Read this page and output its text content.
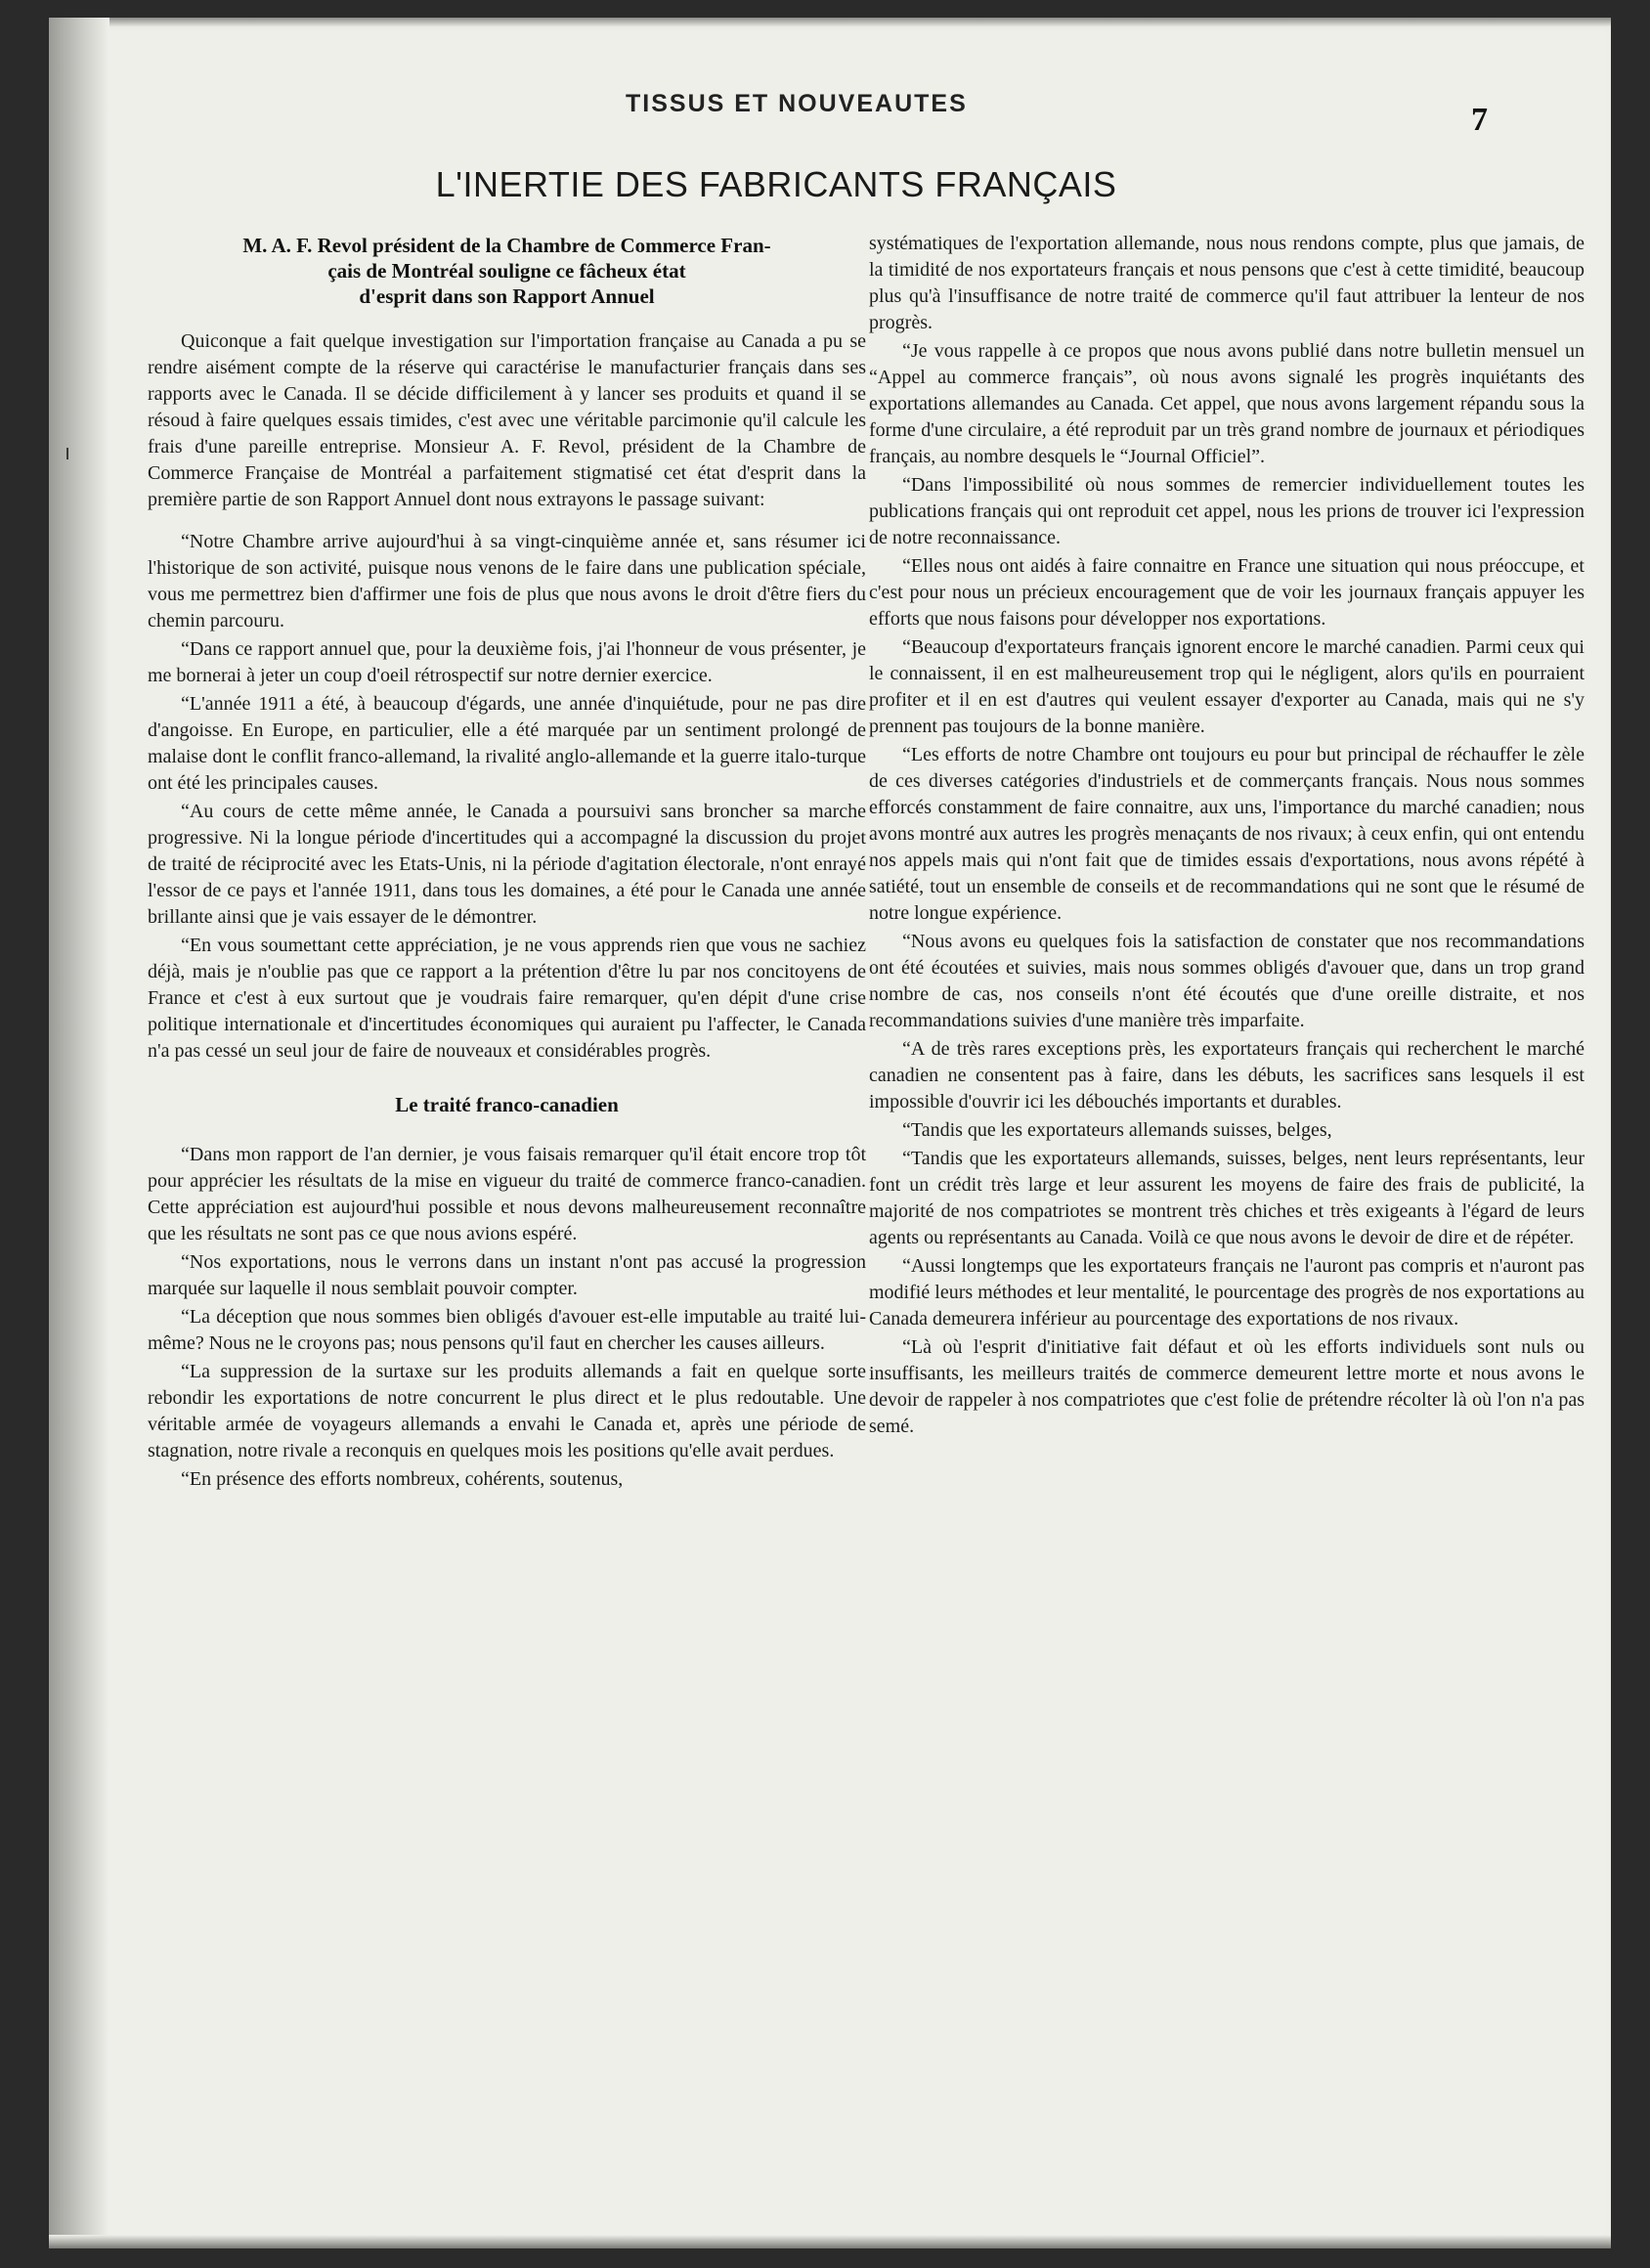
ı
TISSUS ET NOUVEAUTES	7
L'INERTIE DES FABRICANTS FRANÇAIS
M. A. F. Revol président de la Chambre de Commerce Fran-
çais de Montréal souligne ce fâcheux état
d'esprit dans son Rapport Annuel

Quiconque a fait quelque investigation sur l'importation française au Canada a pu se rendre aisément compte de la réserve qui caractérise le manufacturier français dans ses rapports avec le Canada. Il se décide difficilement à y lancer ses produits et quand il se résoud à faire quelques essais timides, c'est avec une véritable parcimonie qu'il calcule les frais d'une pareille entreprise. Monsieur A. F. Revol, président de la Chambre de Commerce Française de Montréal a parfaitement stigmatisé cet état d'esprit dans la première partie de son Rapport Annuel dont nous extrayons le passage suivant:

“Notre Chambre arrive aujourd'hui à sa vingt-cinquième année et, sans résumer ici l'historique de son activité, puisque nous venons de le faire dans une publication spéciale, vous me permettrez bien d'affirmer une fois de plus que nous avons le droit d'être fiers du chemin parcouru.

“Dans ce rapport annuel que, pour la deuxième fois, j'ai l'honneur de vous présenter, je me bornerai à jeter un coup d'oeil rétrospectif sur notre dernier exercice.

“L'année 1911 a été, à beaucoup d'égards, une année d'inquiétude, pour ne pas dire d'angoisse. En Europe, en particulier, elle a été marquée par un sentiment prolongé de malaise dont le conflit franco-allemand, la rivalité anglo-allemande et la guerre italo-turque ont été les principales causes.

“Au cours de cette même année, le Canada a poursuivi sans broncher sa marche progressive. Ni la longue période d'incertitudes qui a accompagné la discussion du projet de traité de réciprocité avec les Etats-Unis, ni la période d'agitation électorale, n'ont enrayé l'essor de ce pays et l'année 1911, dans tous les domaines, a été pour le Canada une année brillante ainsi que je vais essayer de le démontrer.

“En vous soumettant cette appréciation, je ne vous apprends rien que vous ne sachiez déjà, mais je n'oublie pas que ce rapport a la prétention d'être lu par nos concitoyens de France et c'est à eux surtout que je voudrais faire remarquer, qu'en dépit d'une crise politique internationale et d'incertitudes économiques qui auraient pu l'affecter, le Canada n'a pas cessé un seul jour de faire de nouveaux et considérables progrès.

Le traité franco-canadien

“Dans mon rapport de l'an dernier, je vous faisais remarquer qu'il était encore trop tôt pour apprécier les résultats de la mise en vigueur du traité de commerce franco-canadien. Cette appréciation est aujourd'hui possible et nous devons malheureusement reconnaître que les résultats ne sont pas ce que nous avions espéré.

“Nos exportations, nous le verrons dans un instant n'ont pas accusé la progression marquée sur laquelle il nous semblait pouvoir compter.

“La déception que nous sommes bien obligés d'avouer est-elle imputable au traité lui-même? Nous ne le croyons pas; nous pensons qu'il faut en chercher les causes ailleurs.

“La suppression de la surtaxe sur les produits allemands a fait en quelque sorte rebondir les exportations de notre concurrent le plus direct et le plus redoutable. Une véritable armée de voyageurs allemands a envahi le Canada et, après une période de stagnation, notre rivale a reconquis en quelques mois les positions qu'elle avait perdues.

“En présence des efforts nombreux, cohérents, soutenus,

systématiques de l'exportation allemande, nous nous rendons compte, plus que jamais, de la timidité de nos exportateurs français et nous pensons que c'est à cette timidité, beaucoup plus qu'à l'insuffisance de notre traité de commerce qu'il faut attribuer la lenteur de nos progrès.

“Je vous rappelle à ce propos que nous avons publié dans notre bulletin mensuel un “Appel au commerce français”, où nous avons signalé les progrès inquiétants des exportations allemandes au Canada. Cet appel, que nous avons largement répandu sous la forme d'une circulaire, a été reproduit par un très grand nombre de journaux et périodiques français, au nombre desquels le “Journal Officiel”.

“Dans l'impossibilité où nous sommes de remercier individuellement toutes les publications français qui ont reproduit cet appel, nous les prions de trouver ici l'expression de notre reconnaissance.

“Elles nous ont aidés à faire connaitre en France une situation qui nous préoccupe, et c'est pour nous un précieux encouragement que de voir les journaux français appuyer les efforts que nous faisons pour développer nos exportations.

“Beaucoup d'exportateurs français ignorent encore le marché canadien. Parmi ceux qui le connaissent, il en est malheureusement trop qui le négligent, alors qu'ils en pourraient profiter et il en est d'autres qui veulent essayer d'exporter au Canada, mais qui ne s'y prennent pas toujours de la bonne manière.

“Les efforts de notre Chambre ont toujours eu pour but principal de réchauffer le zèle de ces diverses catégories d'industriels et de commerçants français. Nous nous sommes efforcés constamment de faire connaitre, aux uns, l'importance du marché canadien; nous avons montré aux autres les progrès menaçants de nos rivaux; à ceux enfin, qui ont entendu nos appels mais qui n'ont fait que de timides essais d'exportations, nous avons répété à satiété, tout un ensemble de conseils et de recommandations qui ne sont que le résumé de notre longue expérience.

“Nous avons eu quelques fois la satisfaction de constater que nos recommandations ont été écoutées et suivies, mais nous sommes obligés d'avouer que, dans un trop grand nombre de cas, nos conseils n'ont été écoutés que d'une oreille distraite, et nos recommandations suivies d'une manière très imparfaite.

“A de très rares exceptions près, les exportateurs français qui recherchent le marché canadien ne consentent pas à faire, dans les débuts, les sacrifices sans lesquels il est impossible d'ouvrir ici les débouchés importants et durables.

“Tandis que les exportateurs allemands suisses, belges,

“Tandis que les exportateurs allemands, suisses, belges, nent leurs représentants, leur font un crédit très large et leur assurent les moyens de faire des frais de publicité, la majorité de nos compatriotes se montrent très chiches et très exigeants à l'égard de leurs agents ou représentants au Canada. Voilà ce que nous avons le devoir de dire et de répéter.

“Aussi longtemps que les exportateurs français ne l'auront pas compris et n'auront pas modifié leurs méthodes et leur mentalité, le pourcentage des progrès de nos exportations au Canada demeurera inférieur au pourcentage des exportations de nos rivaux.

“Là où l'esprit d'initiative fait défaut et où les efforts individuels sont nuls ou insuffisants, les meilleurs traités de commerce demeurent lettre morte et nous avons le devoir de rappeler à nos compatriotes que c'est folie de prétendre récolter là où l'on n'a pas semé.
